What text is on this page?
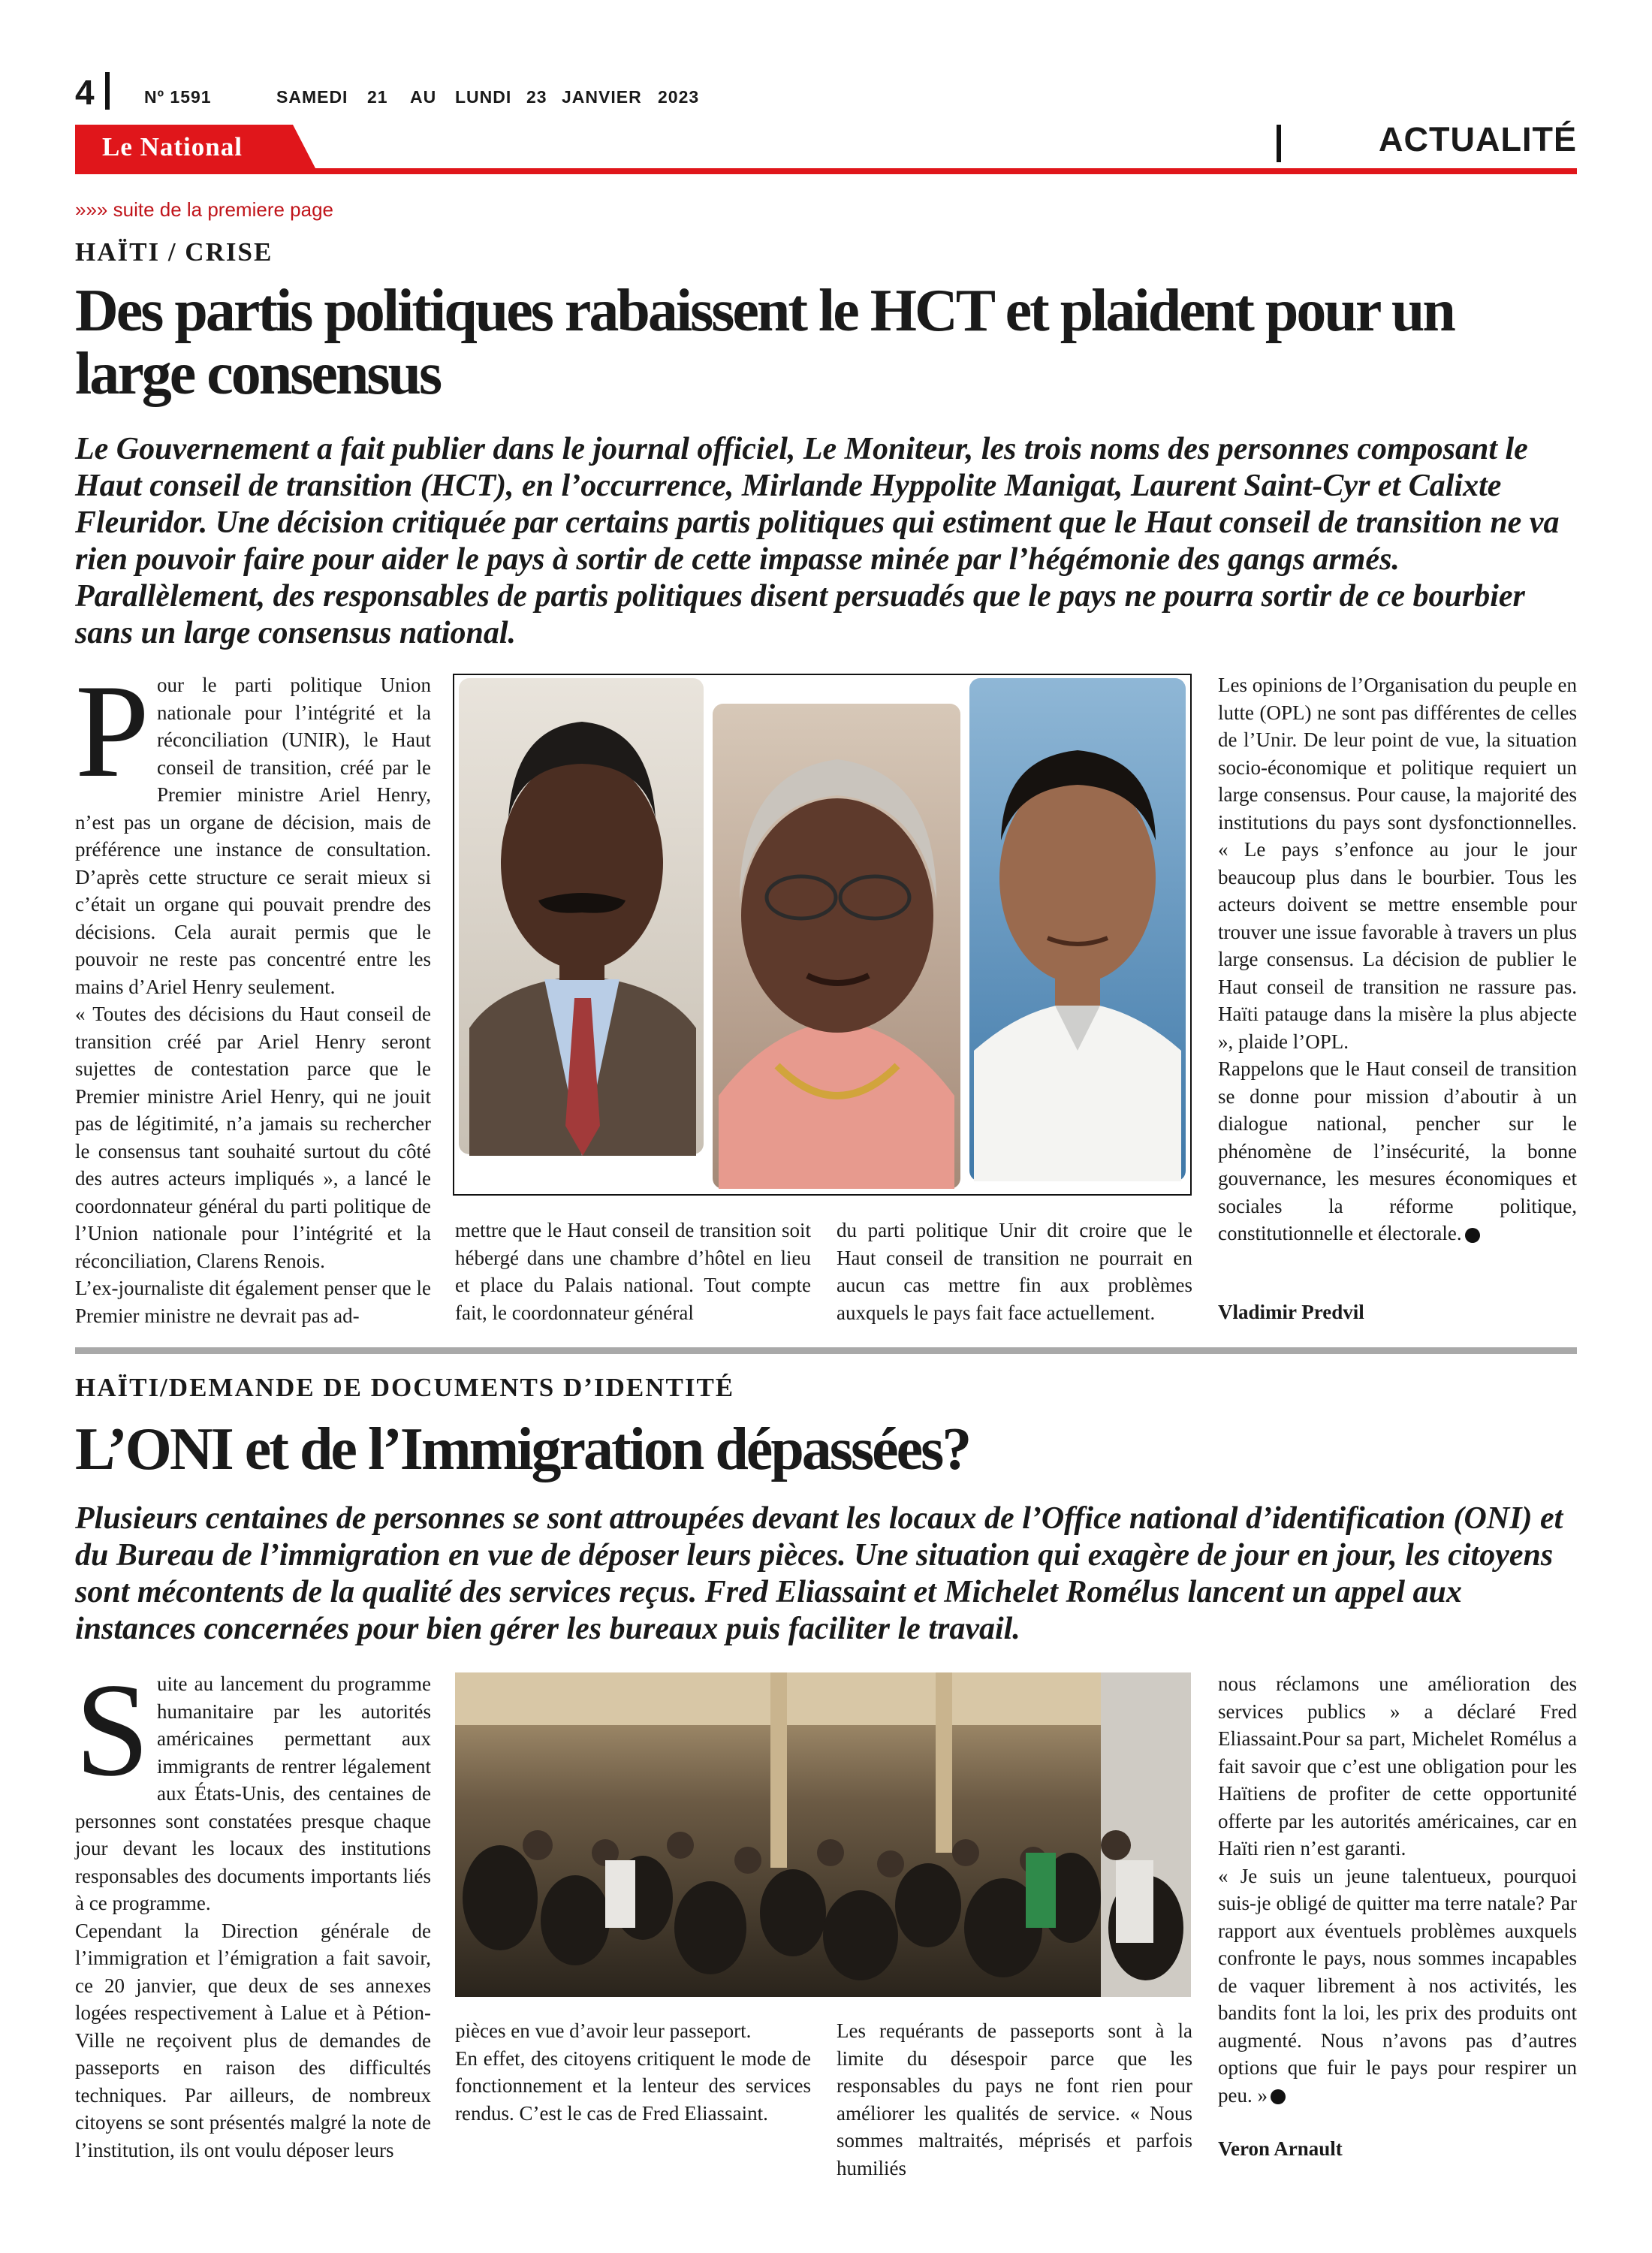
4	Nº 1591	SAMEDI 21 AU LUNDI 23 JANVIER 2023
Le National	ACTUALITÉ
»»» suite de la premiere page
HAÏTI / CRISE
Des partis politiques rabaissent le HCT et plaident pour un large consensus
Le Gouvernement a fait publier dans le journal officiel, Le Moniteur, les trois noms des personnes composant le Haut conseil de transition (HCT), en l’occurrence, Mirlande Hyppolite Manigat, Laurent Saint-Cyr et Calixte Fleuridor. Une décision critiquée par certains partis politiques qui estiment que le Haut conseil de transition ne va rien pouvoir faire pour aider le pays à sortir de cette impasse minée par l’hégémonie des gangs armés. Parallèlement, des responsables de partis politiques disent persuadés que le pays ne pourra sortir de ce bourbier sans un large consensus national.
P our le parti politique Union nationale pour l’intégrité et la réconciliation (UNIR), le Haut conseil de transition, créé par le Premier ministre Ariel Henry, n’est pas un organe de décision, mais de préférence une instance de consultation. D’après cette structure ce serait mieux si c’était un organe qui pouvait prendre des décisions. Cela aurait permis que le pouvoir ne reste pas concentré entre les mains d’Ariel Henry seulement.

« Toutes des décisions du Haut conseil de transition créé par Ariel Henry seront sujettes de contestation parce que le Premier ministre Ariel Henry, qui ne jouit pas de légitimité, n’a jamais su rechercher le consensus tant souhaité surtout du côté des autres acteurs impliqués », a lancé le coordonnateur général du parti politique de l’Union nationale pour l’intégrité et la réconciliation, Clarens Renois.

L’ex-journaliste dit également penser que le Premier ministre ne devrait pas ad-

mettre que le Haut conseil de transition soit hébergé dans une chambre d’hôtel en lieu et place du Palais national. Tout compte fait, le coordonnateur général
du parti politique Unir dit croire que le Haut conseil de transition ne pourrait en aucun cas mettre fin aux problèmes auxquels le pays fait face actuellement.

Les opinions de l’Organisation du peuple en lutte (OPL) ne sont pas différentes de celles de l’Unir. De leur point de vue, la situation socio-économique et politique requiert un large consensus. Pour cause, la majorité des institutions du pays sont dysfonctionnelles. « Le pays s’enfonce au jour le jour beaucoup plus dans le bourbier. Tous les acteurs doivent se mettre ensemble pour trouver une issue favorable à travers un plus large consensus. La décision de publier le Haut conseil de transition ne rassure pas. Haïti patauge dans la misère la plus abjecte », plaide l’OPL.

Rappelons que le Haut conseil de transition se donne pour mission d’aboutir à un dialogue national, pencher sur le phénomène de l’insécurité, la bonne gouvernance, les mesures économiques et sociales la réforme politique, constitutionnelle et électorale.

Vladimir Predvil
HAÏTI/DEMANDE DE DOCUMENTS D’IDENTITÉ
L’ONI et de l’Immigration dépassées?
Plusieurs centaines de personnes se sont attroupées devant les locaux de l’Office national d’identification (ONI) et du Bureau de l’immigration en vue de déposer leurs pièces. Une situation qui exagère de jour en jour, les citoyens sont mécontents de la qualité des services reçus. Fred Eliassaint et Michelet Romélus lancent un appel aux instances concernées pour bien gérer les bureaux puis faciliter le travail.
S uite au lancement du programme humanitaire par les autorités américaines permettant aux immigrants de rentrer légalement aux États-Unis, des centaines de personnes sont constatées presque chaque jour devant les locaux des institutions responsables des documents importants liés à ce programme.

Cependant la Direction générale de l’immigration et l’émigration a fait savoir, ce 20 janvier, que deux de ses annexes logées respectivement à Lalue et à Pétion-Ville ne reçoivent plus de demandes de passeports en raison des difficultés techniques. Par ailleurs, de nombreux citoyens se sont présentés malgré la note de l’institution, ils ont voulu déposer leurs

pièces en vue d’avoir leur passeport.

En effet, des citoyens critiquent le mode de fonctionnement et la lenteur des services rendus. C’est le cas de Fred Eliassaint.

Les requérants de passeports sont à la limite du désespoir parce que les responsables du pays ne font rien pour améliorer les qualités de service. « Nous sommes maltraités, méprisés et parfois humiliés

nous réclamons une amélioration des services publics » a déclaré Fred Eliassaint.Pour sa part, Michelet Romélus a fait savoir que c’est une obligation pour les Haïtiens de profiter de cette opportunité offerte par les autorités américaines, car en Haïti rien n’est garanti.

« Je suis un jeune talentueux, pourquoi suis-je obligé de quitter ma terre natale? Par rapport aux éventuels problèmes auxquels confronte le pays, nous sommes incapables de vaquer librement à nos activités, les bandits font la loi, les prix des produits ont augmenté. Nous n’avons pas d’autres options que fuir le pays pour respirer un peu. »

Veron Arnault
